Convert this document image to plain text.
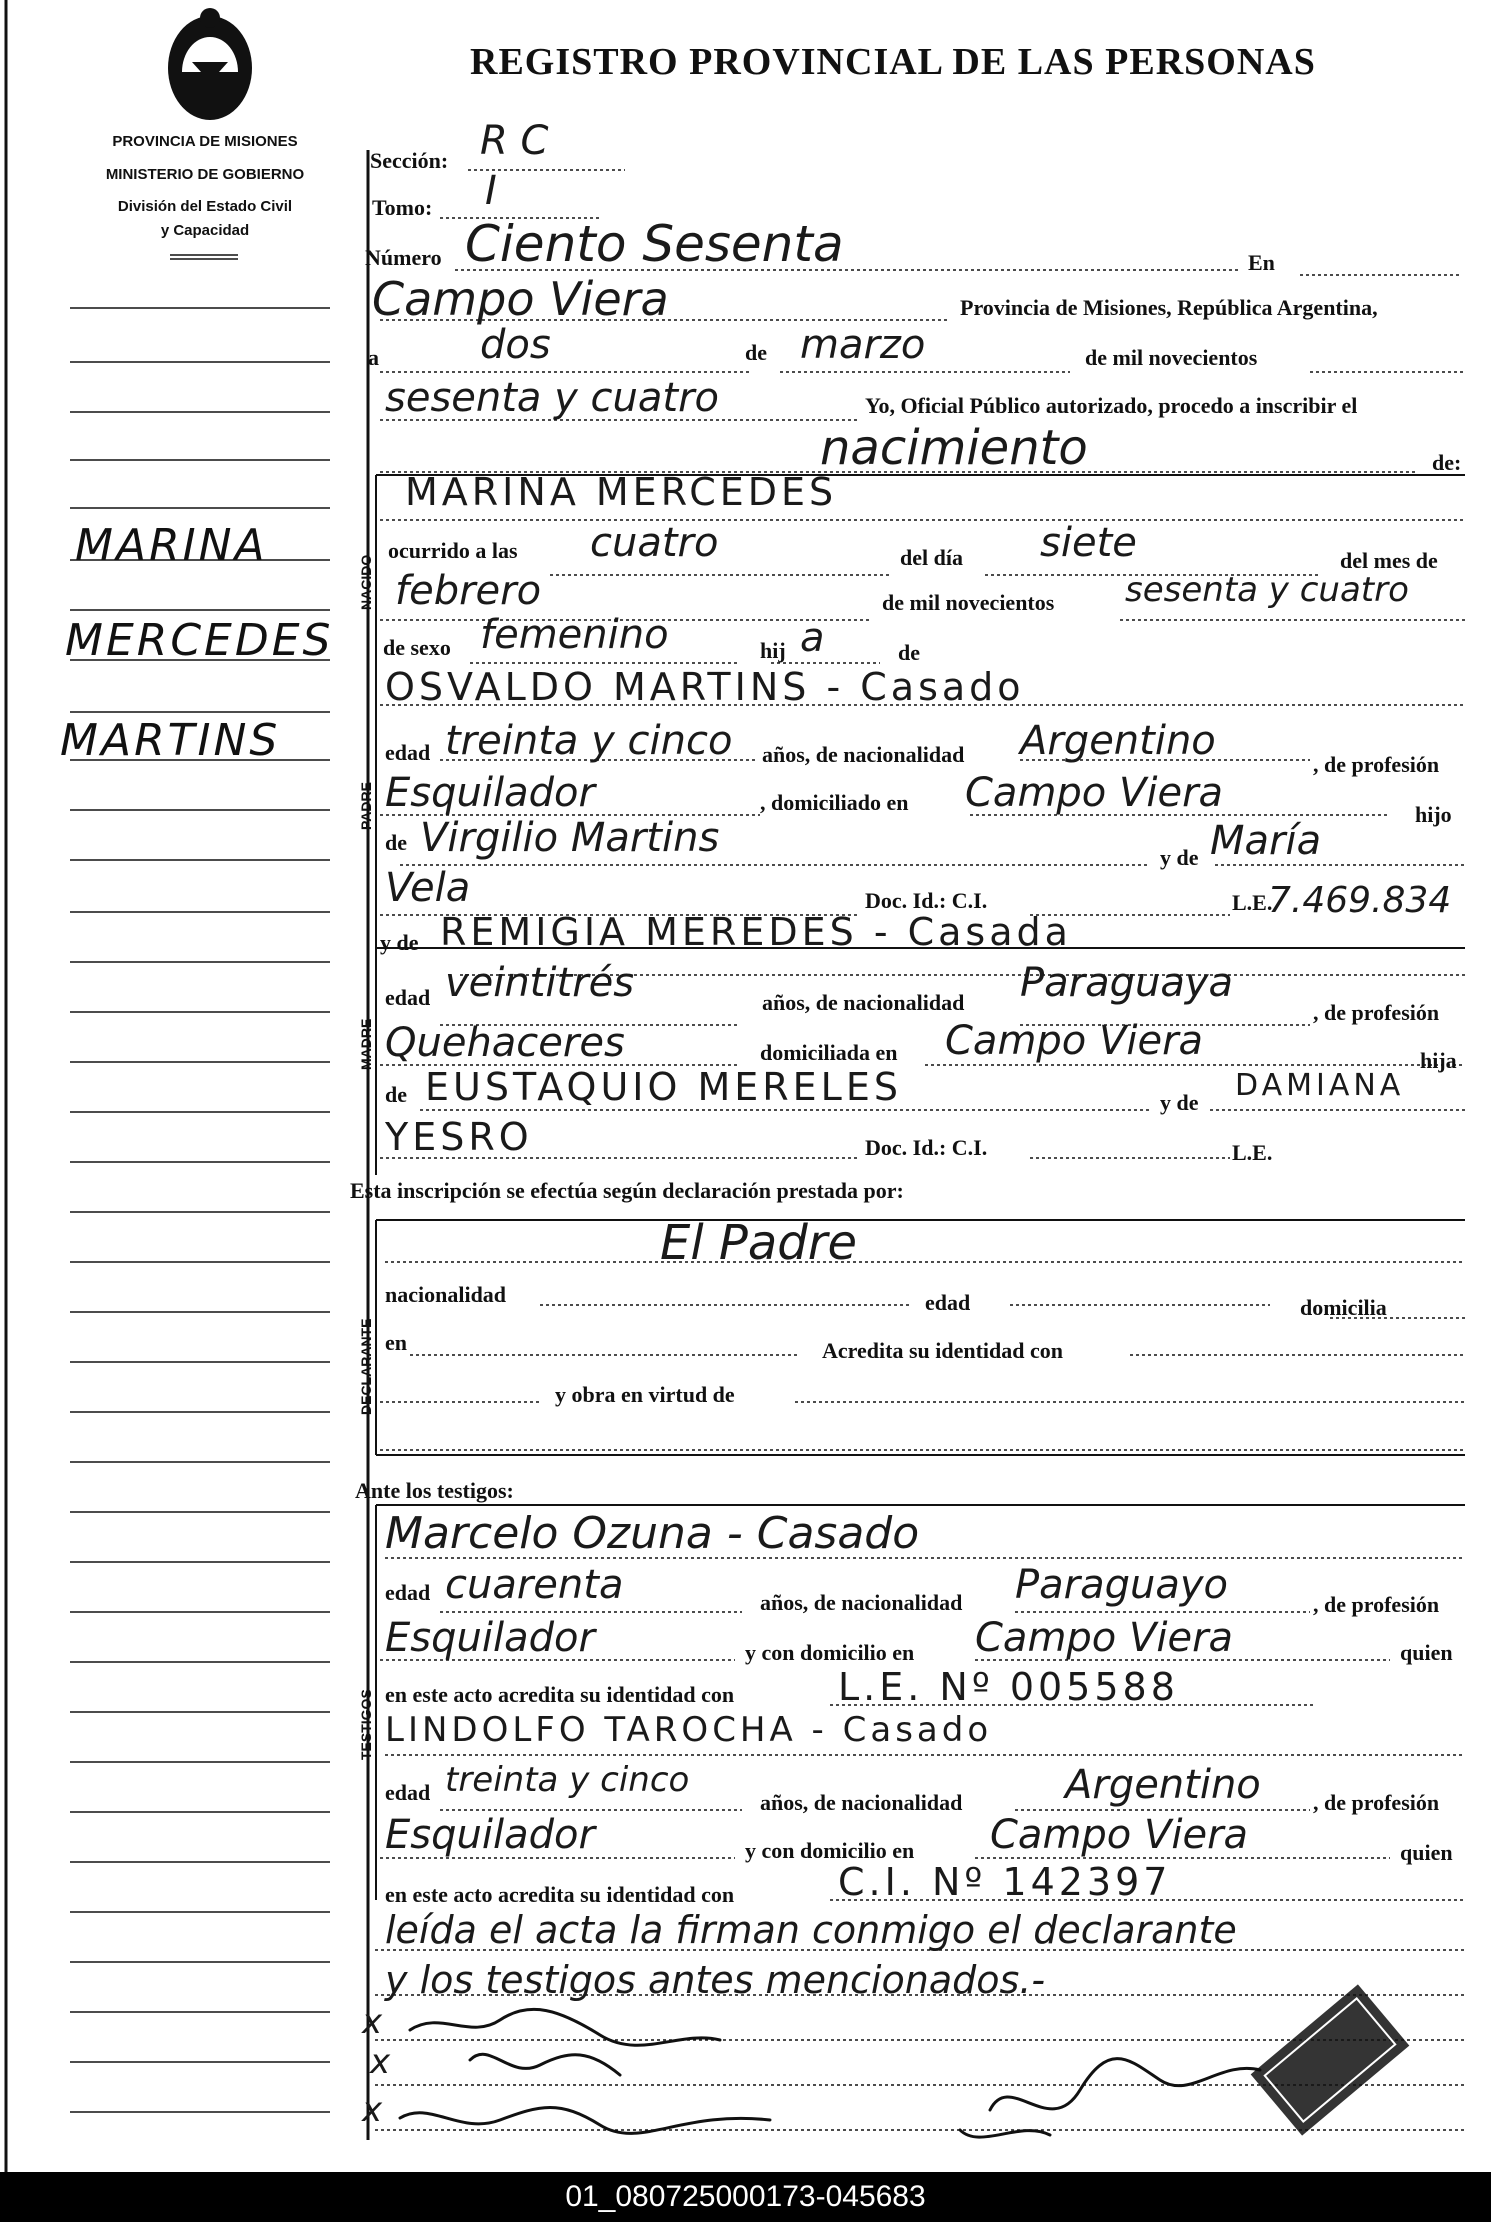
REGISTRO PROVINCIAL DE LAS PERSONAS
PROVINCIA DE MISIONES
MINISTERIO DE GOBIERNO
División del Estado Civil
y Capacidad
MARINA
MERCEDES
MARTINS
NACIDO
PADRE
MADRE
DECLARANTE
TESTIGOS
Sección: R C
Tomo: I
Número Ciento Sesenta	En
Campo Viera	Provincia de Misiones, República Argentina,
a	dos	de marzo	de mil novecientos
sesenta y cuatro	Yo, Oficial Público autorizado, procedo a inscribir el
nacimiento	de:
MARINA MERCEDES
ocurrido a las cuatro	del día siete	del mes de
febrero	de mil novecientos sesenta y cuatro
de sexo femenino	hij a	de
OSVALDO MARTINS - Casado
edad treinta y cinco años, de nacionalidad Argentino
, de profesión
Esquilador	, domiciliado en Campo Viera	hijo
de Virgilio Martins	y de María
Vela	Doc. Id.: C.I.	L.E.
7.469.834
y de REMIGIA MEREDES - Casada
edad veintitrés	años, de nacionalidad Paraguaya
, de profesión
Quehaceres	domiciliada en Campo Viera	hija
de EUSTAQUIO MERELES	y de DAMIANA
YESRO	Doc. Id.: C.I.	L.E.
Esta inscripción se efectúa según declaración prestada por:
El Padre
nacionalidad	edad	domicilia
en	Acredita su identidad con
y obra en virtud de
Ante los testigos:
Marcelo Ozuna - Casado
edad cuarenta	años, de nacionalidad Paraguayo	, de profesión
Esquilador	y con domicilio en Campo Viera	quien
en este acto acredita su identidad con	L.E. Nº 005588
LINDOLFO TAROCHA - Casado
edad treinta y cinco
años, de nacionalidad	Argentino , de profesión
Esquilador	y con domicilio en Campo Viera	quien
en este acto acredita su identidad con	C.I. Nº 142397
leída el acta la firman conmigo el declarante
y los testigos antes mencionados.-
x
x
x
01_080725000173-045683
